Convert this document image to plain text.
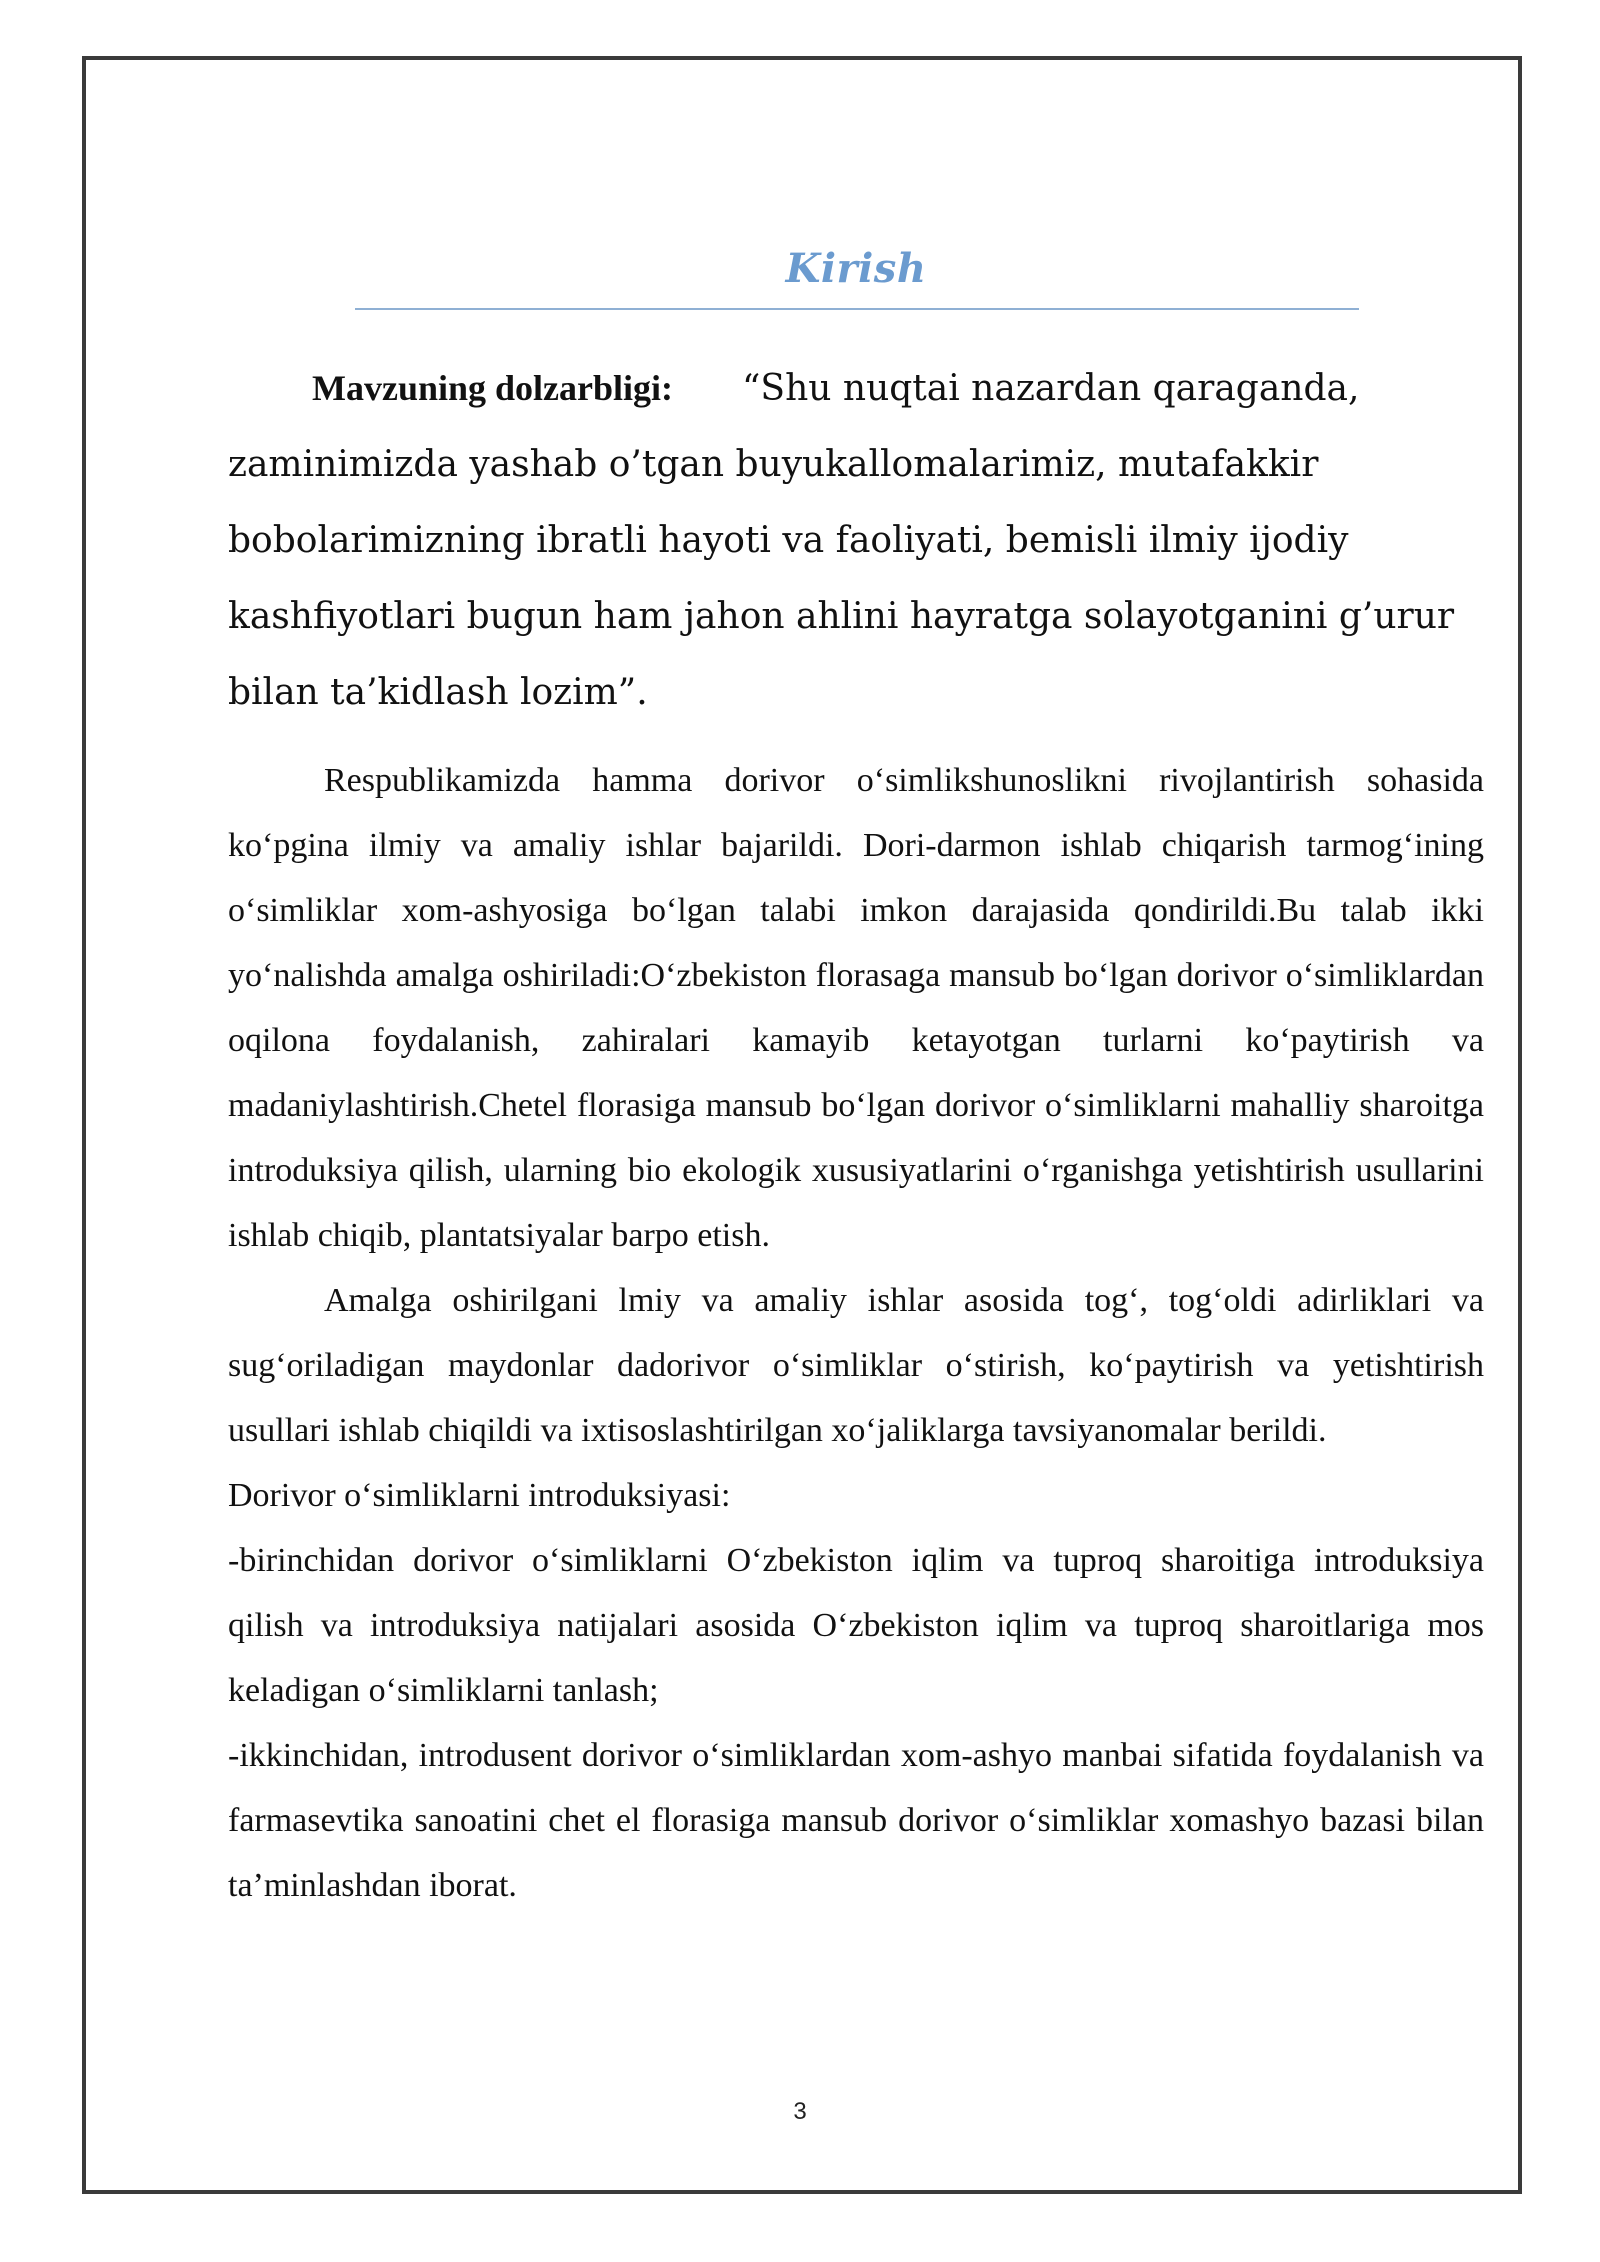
Kirish
Mavzuning dolzarbligi: “Shu nuqtai nazardan qaraganda, zaminimizda yashab o’tgan buyukallomalarimiz, mutafakkir bobolarimizning ibratli hayoti va faoliyati, bemisli ilmiy ijodiy kashfiyotlari bugun ham jahon ahlini hayratga solayotganini g’urur bilan ta’kidlash lozim”.

Respublikamizda hamma dorivor o‘simlikshunoslikni rivojlantirish sohasida ko‘pgina ilmiy va amaliy ishlar bajarildi. Dori-darmon ishlab chiqarish tarmog‘ining o‘simliklar xom-ashyosiga bo‘lgan talabi imkon darajasida qondirildi.Bu talab ikki yo‘nalishda amalga oshiriladi:O‘zbekiston florasaga mansub bo‘lgan dorivor o‘simliklardan oqilona foydalanish, zahiralari kamayib ketayotgan turlarni ko‘paytirish va madaniylashtirish.Chetel florasiga mansub bo‘lgan dorivor o‘simliklarni mahalliy sharoitga introduksiya qilish, ularning bio ekologik xususiyatlarini o‘rganishga yetishtirish usullarini ishlab chiqib, plantatsiyalar barpo etish.

Amalga oshirilgani lmiy va amaliy ishlar asosida tog‘, tog‘oldi adirliklari va sug‘oriladigan maydonlar dadorivor o‘simliklar o‘stirish, ko‘paytirish va yetishtirish usullari ishlab chiqildi va ixtisoslashtirilgan xo‘jaliklarga tavsiyanomalar berildi.

Dorivor o‘simliklarni introduksiyasi:

-birinchidan dorivor o‘simliklarni O‘zbekiston iqlim va tuproq sharoitiga introduksiya qilish va introduksiya natijalari asosida O‘zbekiston iqlim va tuproq sharoitlariga mos keladigan o‘simliklarni tanlash;

-ikkinchidan, introdusent dorivor o‘simliklardan xom-ashyo manbai sifatida foydalanish va farmasevtika sanoatini chet el florasiga mansub dorivor o‘simliklar xomashyo bazasi bilan ta’minlashdan iborat.

3
